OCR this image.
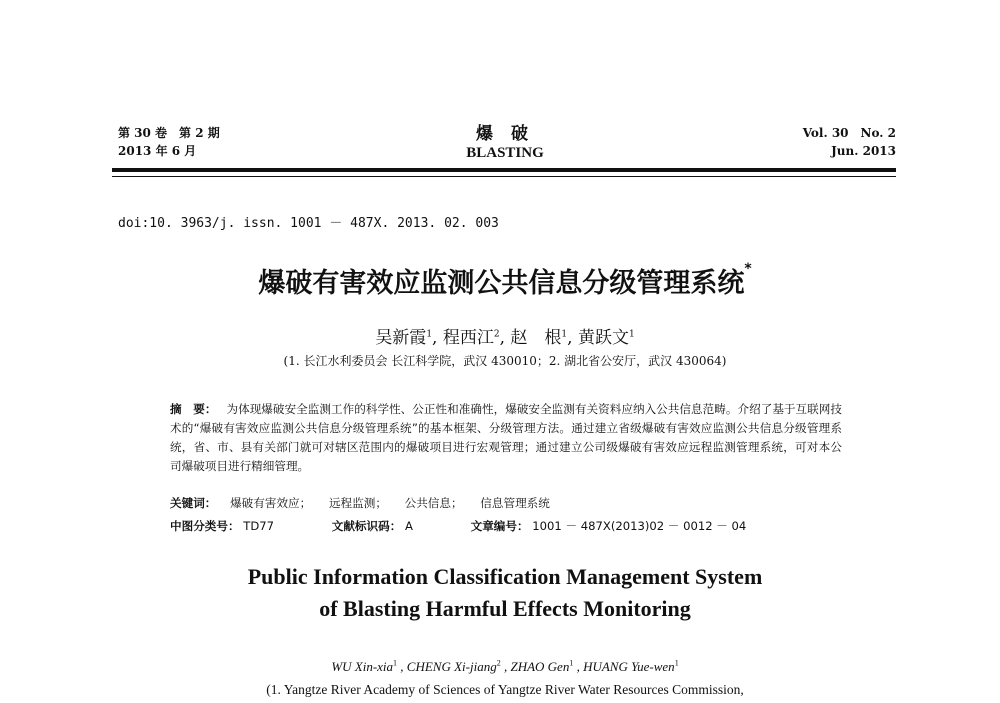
第 30 卷　第 2 期
2013 年 6 月
爆 破
BLASTING
Vol. 30　No. 2
Jun. 2013
doi:10. 3963/j. issn. 1001 － 487X. 2013. 02. 003
爆破有害效应监测公共信息分级管理系统*
吴新霞$^1$, 程西江$^2$, 赵　根$^1$, 黄跃文$^1$
(1. 长江水利委员会 长江科学院，武汉 430010；2. 湖北省公安厅，武汉 430064)
摘　要： 为体现爆破安全监测工作的科学性、公正性和准确性，爆破安全监测有关资料应纳入公共信息范畴。介绍了基于互联网技术的“爆破有害效应监测公共信息分级管理系统”的基本框架、分级管理方法。通过建立省级爆破有害效应监测公共信息分级管理系统，省、市、县有关部门就可对辖区范围内的爆破项目进行宏观管理；通过建立公司级爆破有害效应远程监测管理系统，可对本公司爆破项目进行精细管理。
关键词： 爆破有害效应； 远程监测； 公共信息； 信息管理系统
中图分类号： TD77	文献标识码： A	文章编号： 1001 － 487X(2013)02 － 0012 － 04
Public Information Classification Management System
of Blasting Harmful Effects Monitoring
WU Xin-xia$^1$ , CHENG Xi-jiang$^2$ , ZHAO Gen$^1$ , HUANG Yue-wen$^1$
(1. Yangtze River Academy of Sciences of Yangtze River Water Resources Commission,
